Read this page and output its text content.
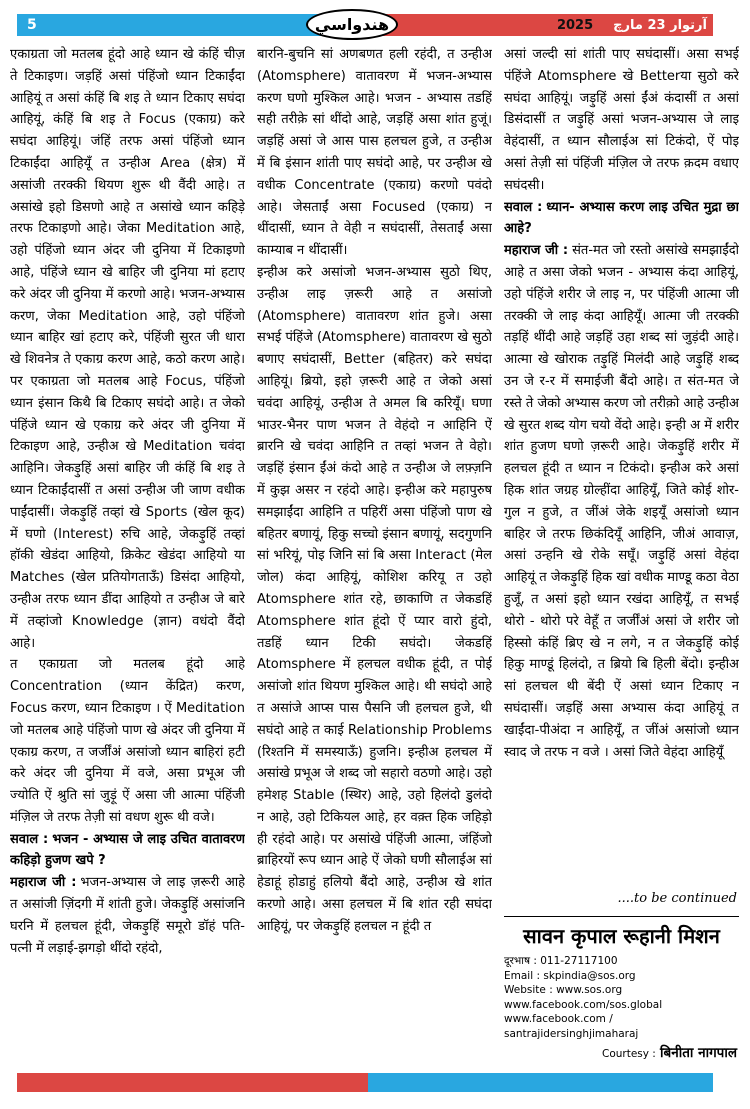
5	2025 آرتوار 23 مارچ
هندواسي

एकाग्रता जो मतलब हूंदो आहे ध्यान खे कंहिं चीज़ ते टिकाइण। जड़हिं असां पंहिंजो ध्यान टिकाईंदा आहियूं त असां कंहिं बि शइ ते ध्यान टिकाए सघंदा आहियूं, कंहिं बि शइ ते Focus (एकाग्र) करे सघंदा आहियूं। जंहिं तरफ असां पंहिंजो ध्यान टिकाईंदा आहियूँ त उन्हीअ Area (क्षेत्र) में असांजी तरक्की थियण शुरू थी वैंदी आहे। त असांखे इहो डिसणो आहे त असांखे ध्यान कहिड़े तरफ टिकाइणो आहे। जेका Meditation आहे, उहो पंहिंजो ध्यान अंदर जी दुनिया में टिकाइणो आहे, पंहिंजे ध्यान खे बाहिर जी दुनिया मां हटाए करे अंदर जी दुनिया में करणो आहे। भजन-अभ्यास करण, जेका Meditation आहे, उहो पंहिंजो ध्यान बाहिर खां हटाए करे, पंहिंजी सुरत जी धारा खे शिवनेत्र ते एकाग्र करण आहे, कठो करण आहे। पर एकाग्रता जो मतलब आहे Focus, पंहिंजो ध्यान इंसान किथै बि टिकाए सघंदो आहे। त जेको पंहिंजे ध्यान खे एकाग्र करे अंदर जी दुनिया में टिकाइण आहे, उन्हीअ खे Meditation चवंदा आहिनि। जेकड़ुहिं असां बाहिर जी कंहिं बि शइ ते ध्यान टिकाईंदासीं त असां उन्हीअ जी जाण वधीक पाईंदासीं। जेकड़ुहिं तव्हां खे Sports (खेल कूद) में घणो (Interest) रुचि आहे, जेकड़ुहिं तव्हां हॉकी खेडंदा आहियो, क्रिकेट खेडंदा आहियो या Matches (खेल प्रतियोगताऊँ) डिसंदा आहियो, उन्हीअ तरफ ध्यान डींदा आहियो त उन्हीअ जे बारे में तव्हांजो Knowledge (ज्ञान) वधंदो वैंदो आहे।

त एकाग्रता जो मतलब हूंदो आहे Concentration (ध्यान केंद्रित) करण, Focus करण, ध्यान टिकाइण । ऐं Meditation जो मतलब आहे पंहिंजो पाण खे अंदर जी दुनिया में एकाग्र करण, त जर्जींअं असांजो ध्यान बाहिरां हटी करे अंदर जी दुनिया में वजे, असा प्रभूअ जी ज्योति ऐं श्रुति सां जुड़ूं ऐं असा जी आत्मा पंहिंजी मंज़िल जे तरफ तेज़ी सां वधण शुरू थी वजे।

सवाल : भजन - अभ्यास जे लाइ उचित वातावरण कहिड़ो हुजण खपे ?

महाराज जी : भजन-अभ्यास जे लाइ ज़रूरी आहे त असांजी ज़िंदगी में शांती हुजे। जेकड़ुहिं असांजनि घरनि में हलचल हूंदी, जेकड़ुहिं समूरो डॉहं पति-पत्नी में लड़ाई-झगड़ो थींदो रहंदो,

बारनि-बुचनि सां अणबणत हली रहंदी, त उन्हीअ (Atomsphere) वातावरण में भजन-अभ्यास करण घणो मुश्किल आहे। भजन - अभ्यास तडहिं सही तरीक़े सां थींदो आहे, जड़हिं असा शांत हुजूं। जड़हिं असां जे आस पास हलचल हुजे, त उन्हीअ में बि इंसान शांती पाए सघंदो आहे, पर उन्हीअ खे वधीक Concentrate (एकाग्र) करणो पवंदो आहे। जेसताईं असा Focused (एकाग्र) न थींदासीं, ध्यान ते वेही न सघंदासीं, तेसताईं असा काम्याब न थींदासीं।

इन्हीअ करे असांजो भजन-अभ्यास सुठो थिए, उन्हीअ लाइ ज़रूरी आहे त असांजो (Atomsphere) वातावरण शांत हुजे। असा सभई पंहिंजे (Atomsphere) वातावरण खे सुठो बणाए सघंदासीं, Better (बहितर) करे सघंदा आहियूं। ब्रियो, इहो ज़रूरी आहे त जेको असां चवंदा आहियूं, उन्हीअ ते अमल बि करियूँ। घणा भाउर-भैनर पाण भजन ते वेहंदो न आहिनि ऐं ब्रारनि खे चवंदा आहिनि त तव्हां भजन ते वेहो। जड़हिं इंसान ईंअं कंदो आहे त उन्हीअ जे लफ़्ज़नि में कुझ असर न रहंदो आहे। इन्हीअ करे महापुरुष समझाईंदा आहिनि त पहिरीं असा पंहिंजो पाण खे बहितर बणायूं, हिकु सच्चो इंसान बणायूं, सदगुणनि सां भरियूं, पोइ जिनि सां बि असा Interact (मेल जोल) कंदा आहियूं, कोशिश करियू त उहो Atomsphere शांत रहे, छाकाणि त जेकडहिं Atomsphere शांत हूंदो ऐं प्यार वारो हुंदो, तडहिं ध्यान टिकी सघंदो। जेकडहिं Atomsphere में हलचल वधीक हूंदी, त पोई असांजो शांत थियण मुश्किल आहे। थी सघंदो आहे त असांजे आप्स पास पैसनि जी हलचल हुजे, थी सघंदो आहे त काई Relationship Problems (रिश्तनि में समस्याऊँ) हुजनि। इन्हीअ हलचल में असांखे प्रभूअ जे शब्द जो सहारो वठणो आहे। उहो हमेशह Stable (स्थिर) आहे, उहो हिलंदो डुलंदो न आहे, उहो टिकियल आहे, हर वक़्त हिक जहिड़ो ही रहंदो आहे। पर असांखे पंहिंजी आत्मा, जंहिंजो ब्राहिरयों रूप ध्यान आहे ऐं जेको घणी सौलाईअ सां हेडाहूं होडाहुं हलियो बैंदो आहे, उन्हीअ खे शांत करणो आहे। असा हलचल में बि शांत रही सघंदा आहियूं, पर जेकड़ुहिं हलचल न हूंदी त

असां जल्दी सां शांती पाए सघंदासीं। असा सभई पंहिंजे Atomsphere खे Betterया सुठो करे सघंदा आहियूं। जड़ुहिं असां ईंअं कंदासीं त असां डिसंदासीं त जड़ुहिं असां भजन-अभ्यास जे लाइ वेहंदासीं, त ध्यान सौलाईअ सां टिकंदो, ऐं पोइ असां तेज़ी सां पंहिंजी मंज़िल जे तरफ क़दम वधाए सघंदसी।

सवाल : ध्यान- अभ्यास करण लाइ उचित मुद्रा छा आहे?

महाराज जी : संत-मत जो रस्तो असांखे समझाईंदो आहे त असा जेको भजन - अभ्यास कंदा आहियूं, उहो पंहिंजे शरीर जे लाइ न, पर पंहिंजी आत्मा जी तरक्की जे लाइ कंदा आहियूँ। आत्मा जी तरक्की तड़हिं थींदी आहे जड़हिं उहा शब्द सां जुड़ंदी आहे। आत्मा खे खोराक तड़ुहिं मिलंदी आहे जड़ुहिं शब्द उन जे र-र में समाईजी बैंदो आहे। त संत-मत जे रस्ते ते जेको अभ्यास करण जो तरीक़ो आहे उन्हीअ खे सुरत शब्द योग चयो वेंदो आहे। इन्ही अ में शरीर शांत हुजण घणो ज़रूरी आहे। जेकड़ुहिं शरीर में हलचल हूंदी त ध्यान न टिकंदो। इन्हीअ करे असां हिक शांत जग्रह ग्रोल्हींदा आहियूँ, जिते कोई शोर-गुल न हुजे, त जींअं जेके शइयूँ असांजो ध्यान बाहिर जे तरफ छिकंदियूँ आहिनि, जीअं आवाज़, असां उन्हनि खे रोके सघूँ। जड़ुहिं असां वेहंदा आहियूं त जेकड़ुहिं हिक खां वधीक माण्डू कठा वेठा हुजूँ, त असां इहो ध्यान रखंदा आहियूँ, त सभई थोरो - थोरो परे वेहूँ त जर्जींअं असां जे शरीर जो हिस्सो कंहिं ब्रिए खे न लगे, न त जेकड़ुहिं कोई हिकु माण्डूं हिलंदो, त ब्रियो बि हिली बेंदो। इन्हीअ सां हलचल थी बेंदी ऐं असां ध्यान टिकाए न सघंदासीं। जड़हिं असा अभ्यास कंदा आहियूं त खाईंदा-पीअंदा न आहियूँ, त जींअं असांजो ध्यान स्वाद जे तरफ न वजे । असां जिते वेहंदा आहियूँ

....to be continued
सावन कृपाल रूहानी मिशन
दूरभाष : 011-27117100
Email : skpindia@sos.org
Website : www.sos.org
www.facebook.com/sos.global
www.facebook.com / santrajidersinghjimaharaj
Courtesy : बिनीता नागपाल
